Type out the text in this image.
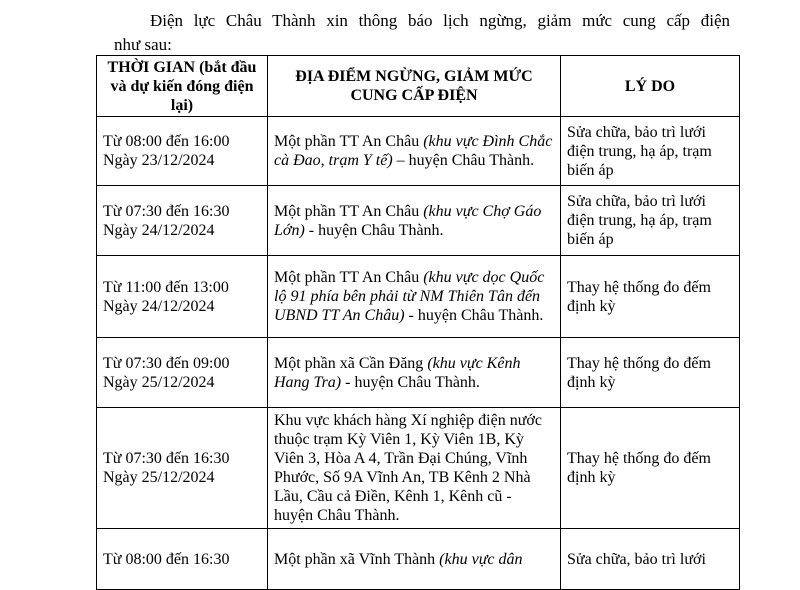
Điện lực Châu Thành xin thông báo lịch ngừng, giảm mức cung cấp điện
như sau:
THỜI GIAN (bắt đầu và dự kiến đóng điện lại)	ĐỊA ĐIỂM NGỪNG, GIẢM MỨC CUNG CẤP ĐIỆN	LÝ DO

Từ 08:00 đến 16:00
Ngày 23/12/2024	Một phần TT An Châu (khu vực Đình Chắc cà Đao, trạm Y tế) – huyện Châu Thành.	Sửa chữa, bảo trì lưới điện trung, hạ áp, trạm biến áp

Từ 07:30 đến 16:30
Ngày 24/12/2024	Một phần TT An Châu (khu vực Chợ Gáo Lớn) - huyện Châu Thành.	Sửa chữa, bảo trì lưới điện trung, hạ áp, trạm biến áp

Từ 11:00 đến 13:00
Ngày 24/12/2024	Một phần TT An Châu (khu vực dọc Quốc lộ 91 phía bên phải từ NM Thiên Tân đến UBND TT An Châu) - huyện Châu Thành.	Thay hệ thống đo đếm định kỳ

Từ 07:30 đến 09:00
Ngày 25/12/2024	Một phần xã Cần Đăng (khu vực Kênh Hang Tra) - huyện Châu Thành.	Thay hệ thống đo đếm định kỳ

Từ 07:30 đến 16:30
Ngày 25/12/2024	Khu vực khách hàng Xí nghiệp điện nước thuộc trạm Kỳ Viên 1, Kỳ Viên 1B, Kỳ Viên 3, Hòa A 4, Trần Đại Chúng, Vĩnh Phước, Số 9A Vĩnh An, TB Kênh 2 Nhà Lầu, Cầu cả Điền, Kênh 1, Kênh cũ - huyện Châu Thành.	Thay hệ thống đo đếm định kỳ

Từ 08:00 đến 16:30	Một phần xã Vĩnh Thành (khu vực dân	Sửa chữa, bảo trì lưới
